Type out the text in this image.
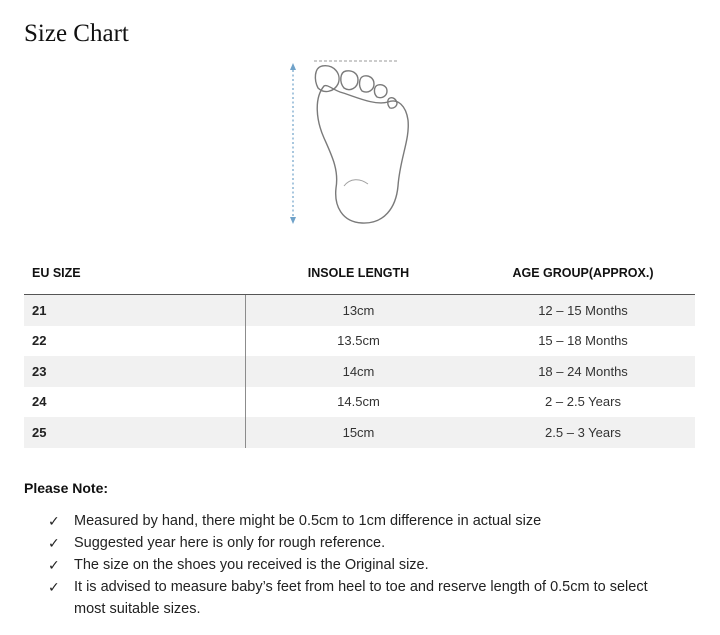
Size Chart
EU SIZE	INSOLE LENGTH	AGE GROUP(APPROX.)
21	13cm	12 – 15 Months
22	13.5cm	15 – 18 Months
23	14cm	18 – 24 Months
24	14.5cm	2 – 2.5 Years
25	15cm	2.5 – 3 Years
Please Note:
✓ Measured by hand, there might be 0.5cm to 1cm difference in actual size
✓ Suggested year here is only for rough reference.
✓ The size on the shoes you received is the Original size.
✓ It is advised to measure baby’s feet from heel to toe and reserve length of 0.5cm to select most suitable sizes.
